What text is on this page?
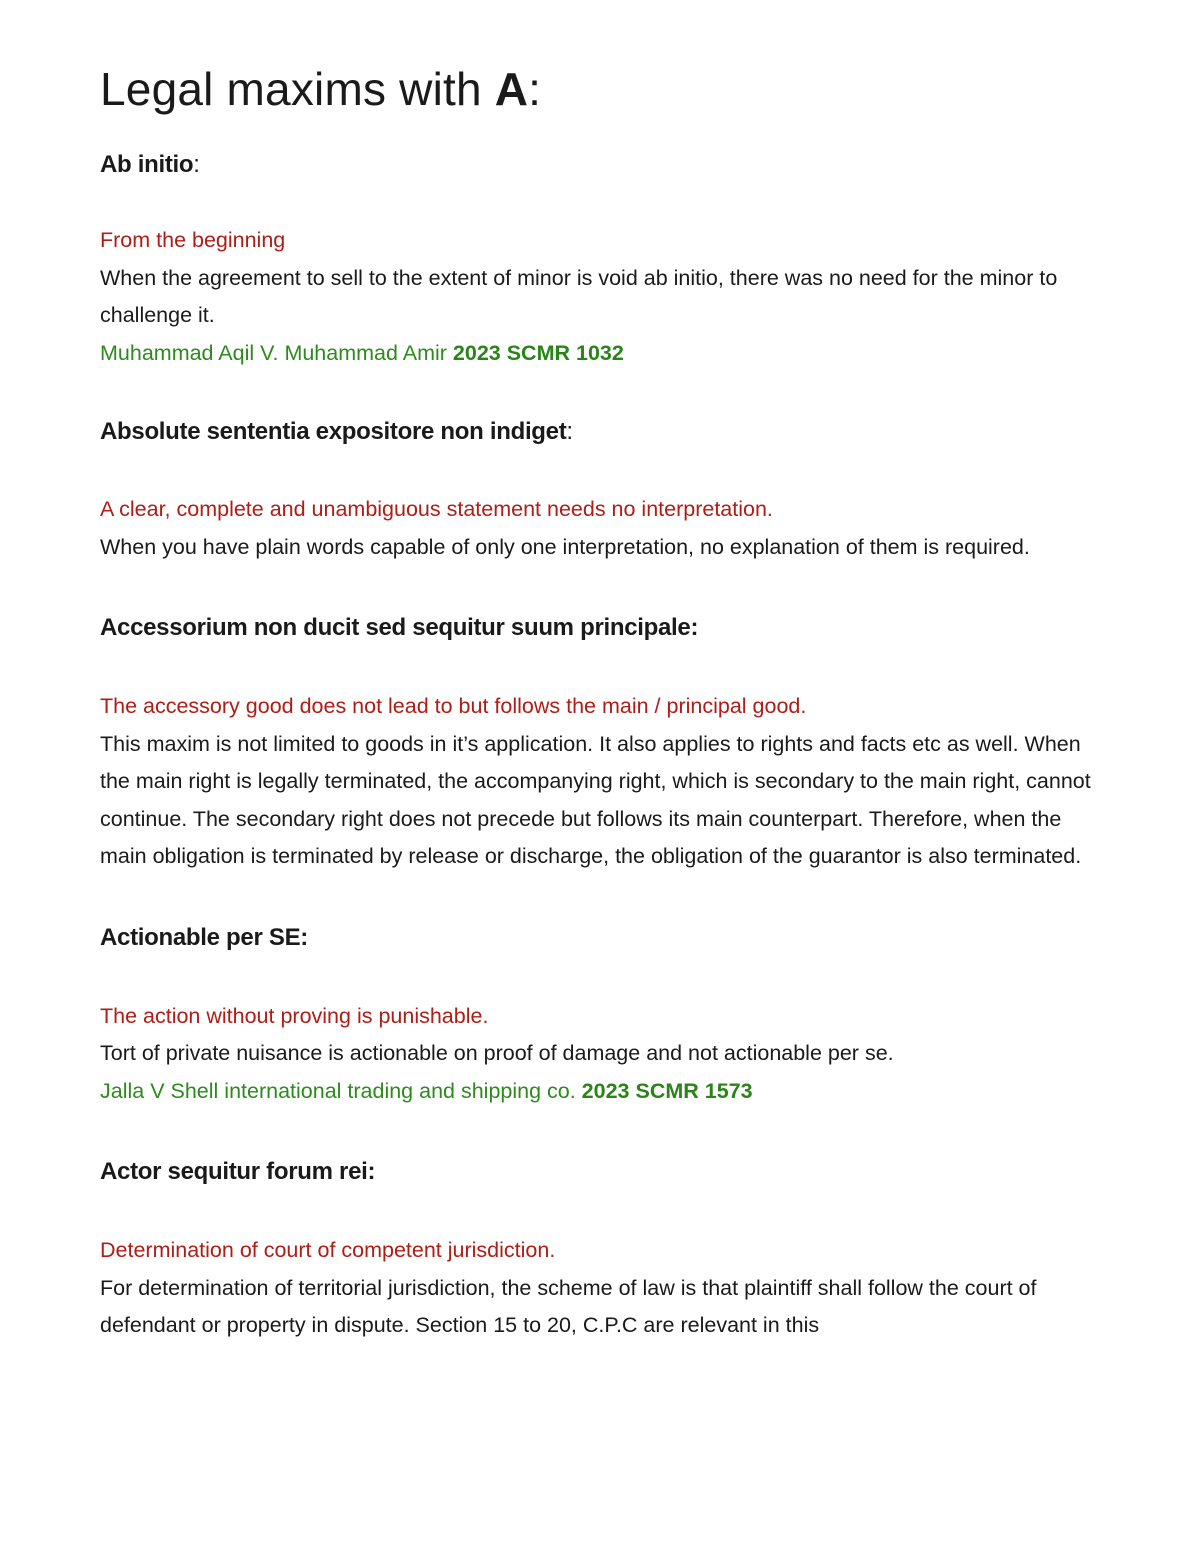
Legal maxims with A:

Ab initio:

From the beginning

When the agreement to sell to the extent of minor is void ab initio, there was no need for the minor to challenge it.

Muhammad Aqil V. Muhammad Amir 2023 SCMR 1032

Absolute sententia expositore non indiget:

A clear, complete and unambiguous statement needs no interpretation.

When you have plain words capable of only one interpretation, no explanation of them is required.

Accessorium non ducit sed sequitur suum principale:

The accessory good does not lead to but follows the main / principal good.

This maxim is not limited to goods in it’s application. It also applies to rights and facts etc as well. When the main right is legally terminated, the accompanying right, which is secondary to the main right, cannot continue. The secondary right does not precede but follows its main counterpart. Therefore, when the main obligation is terminated by release or discharge, the obligation of the guarantor is also terminated.

Actionable per SE:

The action without proving is punishable.

Tort of private nuisance is actionable on proof of damage and not actionable per se.

Jalla V Shell international trading and shipping co. 2023 SCMR 1573

Actor sequitur forum rei:

Determination of court of competent jurisdiction.

For determination of territorial jurisdiction, the scheme of law is that plaintiff shall follow the court of defendant or property in dispute. Section 15 to 20, C.P.C are relevant in this
